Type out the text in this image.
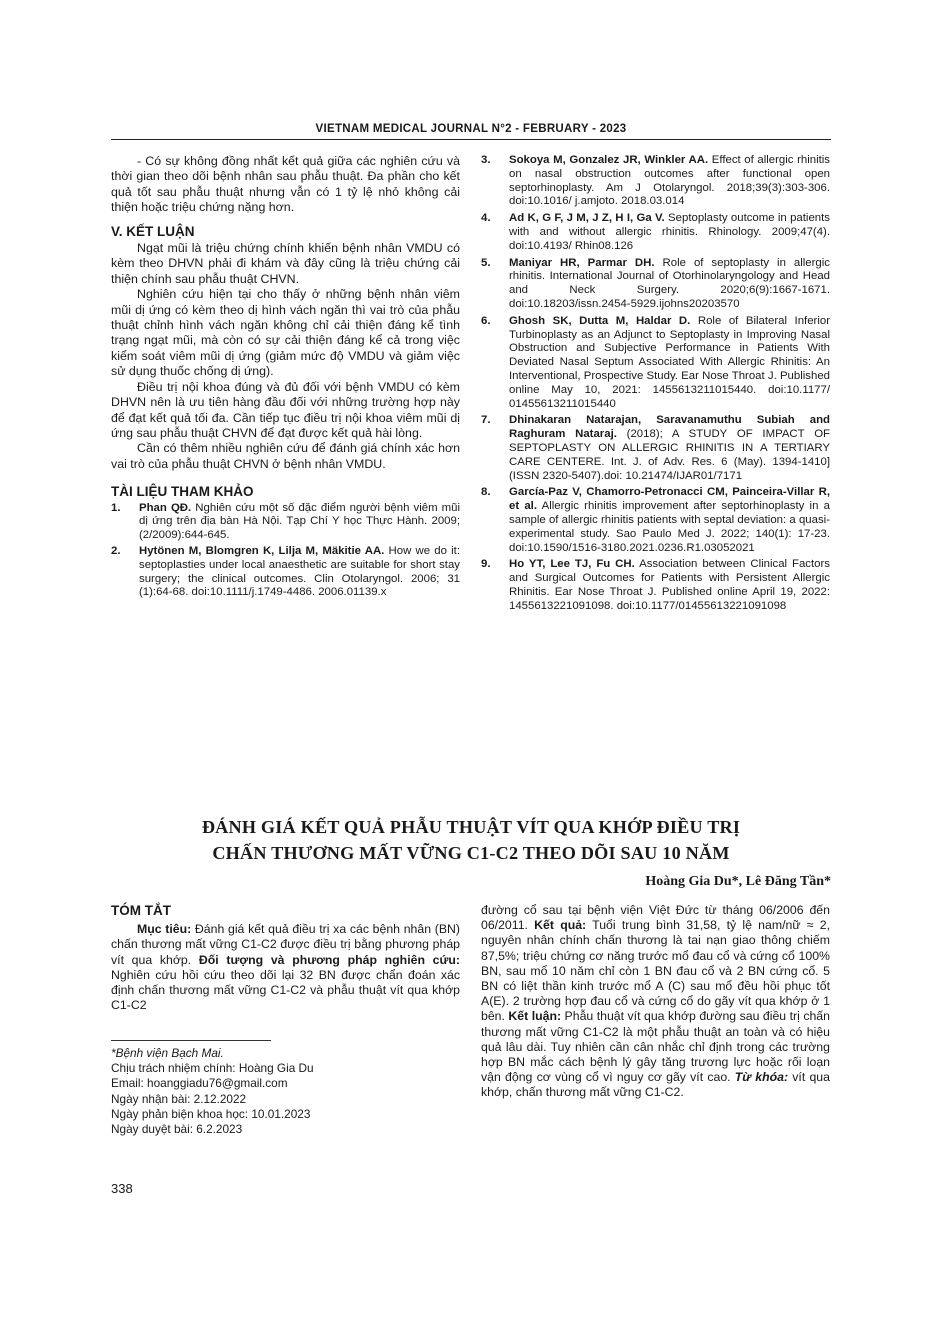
VIETNAM MEDICAL JOURNAL N°2 - FEBRUARY - 2023

- Có sự không đồng nhất kết quả giữa các nghiên cứu và thời gian theo dõi bệnh nhân sau phẫu thuật. Đa phần cho kết quả tốt sau phẫu thuật nhưng vẫn có 1 tỷ lệ nhỏ không cải thiện hoặc triệu chứng nặng hơn.

V. KẾT LUẬN

Ngạt mũi là triệu chứng chính khiến bệnh nhân VMDU có kèm theo DHVN phải đi khám và đây cũng là triệu chứng cải thiện chính sau phẫu thuật CHVN.

Nghiên cứu hiện tại cho thấy ở những bệnh nhân viêm mũi dị ứng có kèm theo dị hình vách ngăn thì vai trò của phẫu thuật chỉnh hình vách ngăn không chỉ cải thiện đáng kể tình trạng ngạt mũi, mà còn có sự cải thiện đáng kể cả trong việc kiểm soát viêm mũi dị ứng (giảm mức độ VMDU và giảm việc sử dụng thuốc chống dị ứng).

Điều trị nội khoa đúng và đủ đối với bệnh VMDU có kèm DHVN nên là ưu tiên hàng đầu đối với những trường hợp này để đạt kết quả tối đa. Cần tiếp tục điều trị nội khoa viêm mũi dị ứng sau phẫu thuật CHVN để đạt được kết quả hài lòng.

Cần có thêm nhiều nghiên cứu để đánh giá chính xác hơn vai trò của phẫu thuật CHVN ở bệnh nhân VMDU.

TÀI LIỆU THAM KHẢO
1.	Phan QĐ. Nghiên cứu một số đặc điểm người bệnh viêm mũi dị ứng trên địa bàn Hà Nội. Tạp Chí Y học Thực Hành. 2009;(2/2009):644-645.
2.	Hytönen M, Blomgren K, Lilja M, Mäkitie AA. How we do it: septoplasties under local anaesthetic are suitable for short stay surgery; the clinical outcomes. Clin Otolaryngol. 2006; 31 (1):64-68. doi:10.1111/j.1749-4486. 2006.01139.x
3.	Sokoya M, Gonzalez JR, Winkler AA. Effect of allergic rhinitis on nasal obstruction outcomes after functional open septorhinoplasty. Am J Otolaryngol. 2018;39(3):303-306. doi:10.1016/ j.amjoto. 2018.03.014
4.	Ad K, G F, J M, J Z, H I, Ga V. Septoplasty outcome in patients with and without allergic rhinitis. Rhinology. 2009;47(4). doi:10.4193/ Rhin08.126
5.	Maniyar HR, Parmar DH. Role of septoplasty in allergic rhinitis. International Journal of Otorhinolaryngology and Head and Neck Surgery. 2020;6(9):1667-1671. doi:10.18203/issn.2454-5929.ijohns20203570
6.	Ghosh SK, Dutta M, Haldar D. Role of Bilateral Inferior Turbinoplasty as an Adjunct to Septoplasty in Improving Nasal Obstruction and Subjective Performance in Patients With Deviated Nasal Septum Associated With Allergic Rhinitis: An Interventional, Prospective Study. Ear Nose Throat J. Published online May 10, 2021: 1455613211015440. doi:10.1177/ 01455613211015440
7.	Dhinakaran Natarajan, Saravanamuthu Subiah and Raghuram Nataraj. (2018); A STUDY OF IMPACT OF SEPTOPLASTY ON ALLERGIC RHINITIS IN A TERTIARY CARE CENTERE. Int. J. of Adv. Res. 6 (May). 1394-1410] (ISSN 2320-5407).doi: 10.21474/IJAR01/7171
8.	García-Paz V, Chamorro-Petronacci CM, Painceira-Villar R, et al. Allergic rhinitis improvement after septorhinoplasty in a sample of allergic rhinitis patients with septal deviation: a quasi-experimental study. Sao Paulo Med J. 2022; 140(1): 17-23. doi:10.1590/1516-3180.2021.0236.R1.03052021
9.	Ho YT, Lee TJ, Fu CH. Association between Clinical Factors and Surgical Outcomes for Patients with Persistent Allergic Rhinitis. Ear Nose Throat J. Published online April 19, 2022: 1455613221091098. doi:10.1177/01455613221091098
ĐÁNH GIÁ KẾT QUẢ PHẪU THUẬT VÍT QUA KHỚP ĐIỀU TRỊ
CHẤN THƯƠNG MẤT VỮNG C1-C2 THEO DÕI SAU 10 NĂM
Hoàng Gia Du*, Lê Đăng Tần*
TÓM TẮT

Mục tiêu: Đánh giá kết quả điều trị xa các bệnh nhân (BN) chấn thương mất vững C1-C2 được điều trị bằng phương pháp vít qua khớp. Đối tượng và phương pháp nghiên cứu: Nghiên cứu hồi cứu theo dõi lại 32 BN được chẩn đoán xác định chấn thương mất vững C1-C2 và phẫu thuật vít qua khớp C1-C2

đường cổ sau tại bệnh viện Việt Đức từ tháng 06/2006 đến 06/2011. Kết quả: Tuổi trung bình 31,58, tỷ lệ nam/nữ ≈ 2, nguyên nhân chính chấn thương là tai nạn giao thông chiếm 87,5%; triệu chứng cơ năng trước mổ đau cổ và cứng cổ 100% BN, sau mổ 10 năm chỉ còn 1 BN đau cổ và 2 BN cứng cổ. 5 BN có liệt thần kinh trước mổ A (C) sau mổ đều hồi phục tốt A(E). 2 trường hợp đau cổ và cứng cổ do gãy vít qua khớp ở 1 bên. Kết luận: Phẫu thuật vít qua khớp đường sau điều trị chấn thương mất vững C1-C2 là một phẫu thuật an toàn và có hiệu quả lâu dài. Tuy nhiên cần cân nhắc chỉ định trong các trường hợp BN mắc cách bệnh lý gây tăng trương lực hoặc rối loạn vận động cơ vùng cổ vì nguy cơ gãy vít cao. Từ khóa: vít qua khớp, chấn thương mất vững C1-C2.

*Bệnh viện Bạch Mai.
Chịu trách nhiệm chính: Hoàng Gia Du
Email: hoanggiadu76@gmail.com
Ngày nhận bài: 2.12.2022
Ngày phản biện khoa học: 10.01.2023
Ngày duyệt bài: 6.2.2023
338
